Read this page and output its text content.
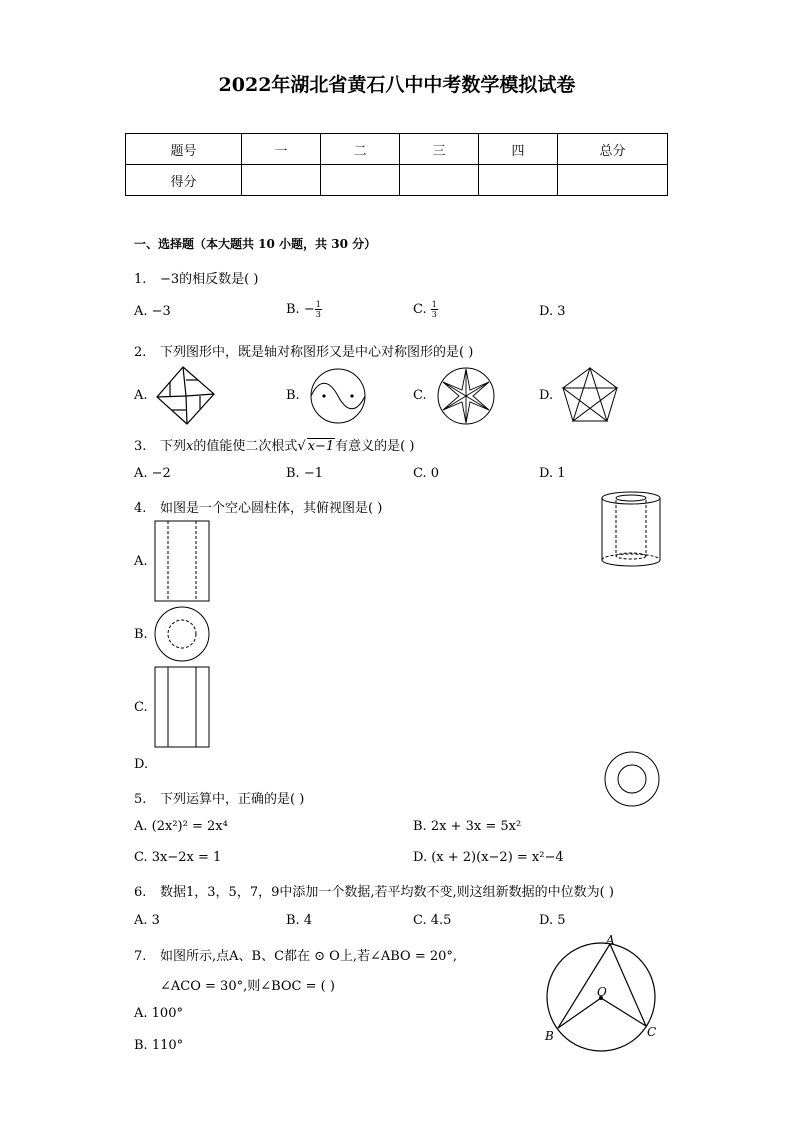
2022年湖北省黄石八中中考数学模拟试卷
题号	一	二	三	四	总分
得分					
一、选择题（本大题共 10 小题，共 30 分）
1. −3的相反数是( )
A. −3	B. − $\frac{1}{3}$	C. $\frac{1}{3}$	D. 3
2. 下列图形中，既是轴对称图形又是中心对称图形的是( )
A.	B.	C.	D.
3. 下列x的值能使二次根式√ x−1有意义的是( )
A. −2	B. −1	C. 0	D. 1
4. 如图是一个空心圆柱体，其俯视图是( )
A.
B.
C.
D.
5. 下列运算中，正确的是( )
A. (2x²)² = 2x⁴	B. 2x + 3x = 5x²
C. 3x−2x = 1	D. (x + 2)(x−2) = x²−4
6. 数据1，3，5，7，9中添加一个数据,若平均数不变,则这组新数据的中位数为( )
A. 3	B. 4	C. 4.5	D. 5
7. 如图所示,点A、B、C都在 ⊙ O上,若∠ABO = 20°,
∠ACO = 30°,则∠BOC = ( )
A. 100°
B. 110°
A
B	C
O
